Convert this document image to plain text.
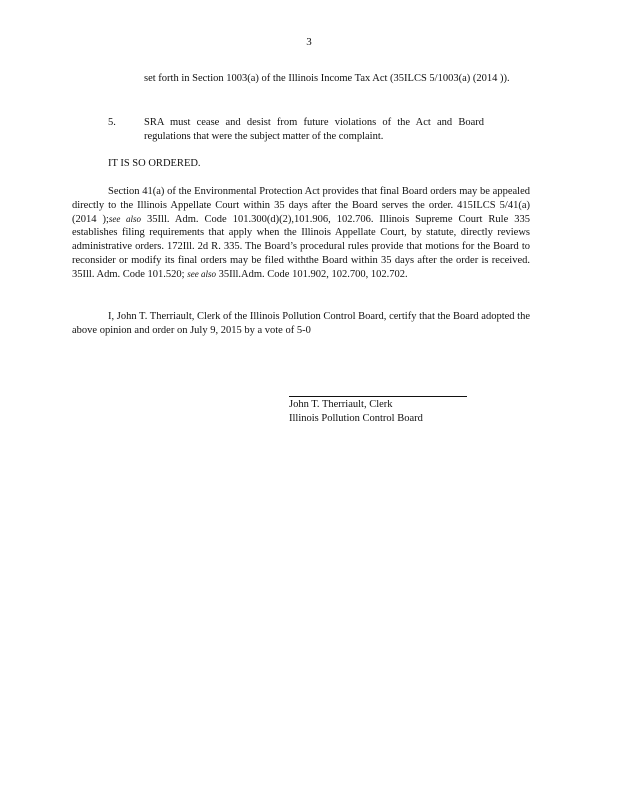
3
set forth in Section 1003(a) of the Illinois Income Tax Act (35ILCS 5/1003(a) (2014 )).
5.	SRA must cease and desist from future violations of the Act and Board regulations that were the subject matter of the complaint.
IT IS SO ORDERED.
Section 41(a) of the Environmental Protection Act provides that final Board orders may be appealed directly to the Illinois Appellate Court within 35 days after the Board serves the order. 415ILCS 5/41(a) (2014 );see also 35Ill. Adm. Code 101.300(d)(2),101.906, 102.706. Illinois Supreme Court Rule 335 establishes filing requirements that apply when the Illinois Appellate Court, by statute, directly reviews administrative orders. 172Ill. 2d R. 335. The Board’s procedural rules provide that motions for the Board to reconsider or modify its final orders may be filed withthe Board within 35 days after the order is received. 35Ill. Adm. Code 101.520; see also 35Ill.Adm. Code 101.902, 102.700, 102.702.
I, John T. Therriault, Clerk of the Illinois Pollution Control Board, certify that the Board adopted the above opinion and order on July 9, 2015 by a vote of 5-0
John T. Therriault, Clerk
Illinois Pollution Control Board
